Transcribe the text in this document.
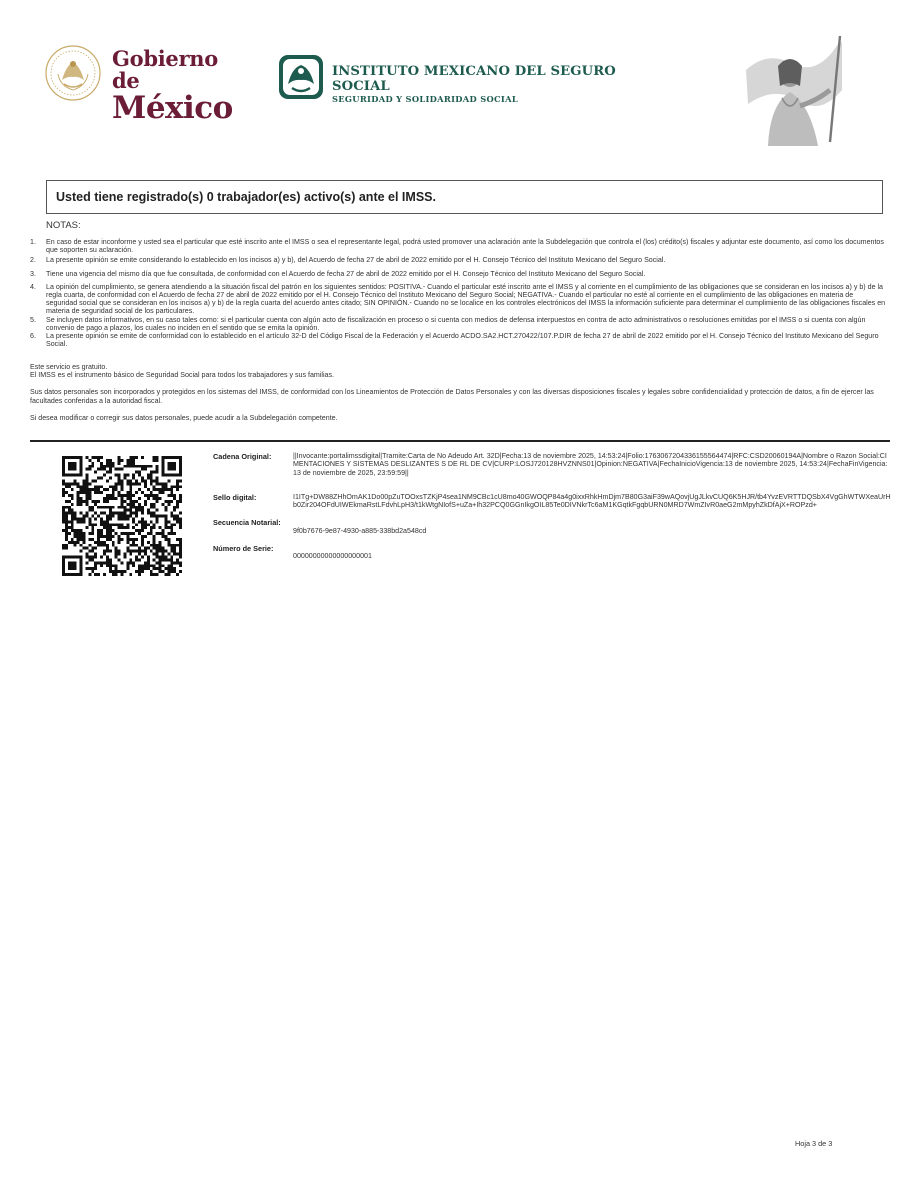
Gobierno de
México
INSTITUTO MEXICANO DEL SEGURO SOCIAL
SEGURIDAD Y SOLIDARIDAD SOCIAL
Usted tiene registrado(s) 0 trabajador(es) activo(s) ante el IMSS.
NOTAS:
1. En caso de estar inconforme y usted sea el particular que esté inscrito ante el IMSS o sea el representante legal, podrá usted promover una aclaración ante la Subdelegación que controla el (los) crédito(s) fiscales y adjuntar este documento, así como los documentos que soporten su aclaración.
2. La presente opinión se emite considerando lo establecido en los incisos a) y b), del Acuerdo de fecha 27 de abril de 2022 emitido por el H. Consejo Técnico del Instituto Mexicano del Seguro Social.
3. Tiene una vigencia del mismo día que fue consultada, de conformidad con el Acuerdo de fecha 27 de abril de 2022 emitido por el H. Consejo Técnico del Instituto Mexicano del Seguro Social.
4. La opinión del cumplimiento, se genera atendiendo a la situación fiscal del patrón en los siguientes sentidos: POSITIVA.- Cuando el particular esté inscrito ante el IMSS y al corriente en el cumplimiento de las obligaciones que se consideran en los incisos a) y b) de la regla cuarta, de conformidad con el Acuerdo de fecha 27 de abril de 2022 emitido por el H. Consejo Técnico del Instituto Mexicano del Seguro Social; NEGATIVA.- Cuando el particular no esté al corriente en el cumplimiento de las obligaciones en materia de seguridad social que se consideran en los incisos a) y b) de la regla cuarta del acuerdo antes citado; SIN OPINIÓN.- Cuando no se localice en los controles electrónicos del IMSS la información suficiente para determinar el cumplimiento de las obligaciones fiscales en materia de seguridad social de los particulares.
5. Se incluyen datos informativos, en su caso tales como: si el particular cuenta con algún acto de fiscalización en proceso o si cuenta con medios de defensa interpuestos en contra de acto administrativos o resoluciones emitidas por el IMSS o si cuenta con algún convenio de pago a plazos, los cuales no inciden en el sentido que se emita la opinión.
6. La presente opinión se emite de conformidad con lo establecido en el artículo 32-D del Código Fiscal de la Federación y el Acuerdo ACDO.SA2.HCT.270422/107.P.DIR de fecha 27 de abril de 2022 emitido por el H. Consejo Técnico del Instituto Mexicano del Seguro Social.

Este servicio es gratuito.
El IMSS es el instrumento básico de Seguridad Social para todos los trabajadores y sus familias.

Sus datos personales son incorporados y protegidos en los sistemas del IMSS, de conformidad con los Lineamientos de Protección de Datos Personales y con las diversas disposiciones fiscales y legales sobre confidencialidad y protección de datos, a fin de ejercer las facultades conferidas a la autoridad fiscal.

Si desea modificar o corregir sus datos personales, puede acudir a la Subdelegación competente.

Cadena Original:	||Invocante:portalimssdigital|Tramite:Carta de No Adeudo Art. 32D|Fecha:13 de noviembre 2025, 14:53:24|Folio:1763067204336155564474|RFC:CSD20060194A|Nombre o Razon Social:CIMENTACIONES Y SISTEMAS DESLIZANTES S DE RL DE CV|CURP:LOSJ720128HVZNNS01|Opinion:NEGATIVA|FechaInicioVigencia:13 de noviembre 2025, 14:53:24|FechaFinVigencia:13 de noviembre de 2025, 23:59:59||
Sello digital:	I1ITg+DW88ZHhOmAK1Do00pZuTOOxsTZKjP4sea1NM9CBc1cU8mo40GWOQP84a4g0ixxRhkHmDjm7B80G3aiF39wAQovjUgJLkvCUQ6K5HJR/tb4YvzEVRTTDQSbX4VgGhWTWXeaUrHb0Zir204OFdUIWEkmaRstLFdvhLpH3/t1kWtgNIofS+uZa+Ih32PCQ0GGnIkgOIL85Te0DIVNkrTc6aM1KGqtkFgqbURN0MRD7WmZIvR0aeG2mMpyhZkDfAjX+ROPzd+
Secuencia Notarial:
9f0b7676-9e87-4930-a885-338bd2a548cd
Número de Serie:
00000000000000000001
Hoja 3 de 3
